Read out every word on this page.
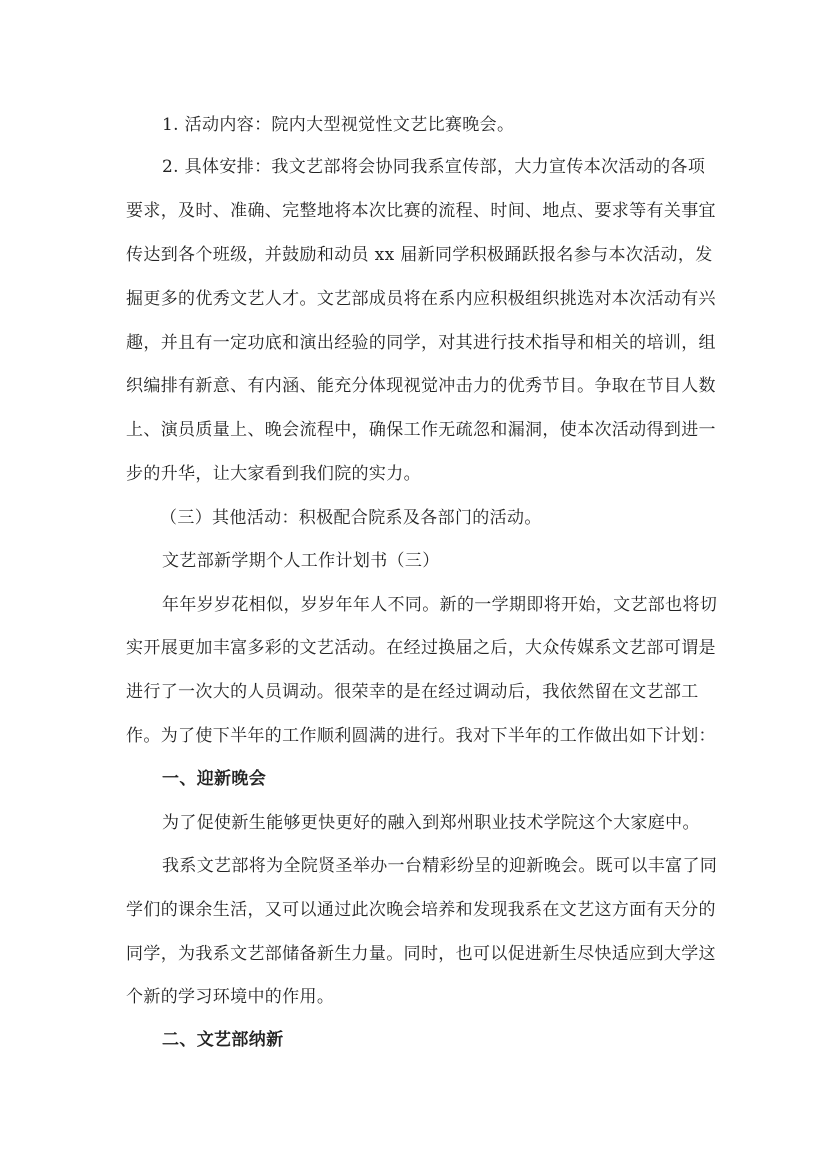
1. 活动内容：院内大型视觉性文艺比赛晚会。
2. 具体安排：我文艺部将会协同我系宣传部，大力宣传本次活动的各项
要求，及时、准确、完整地将本次比赛的流程、时间、地点、要求等有关事宜
传达到各个班级，并鼓励和动员 xx 届新同学积极踊跃报名参与本次活动，发
掘更多的优秀文艺人才。文艺部成员将在系内应积极组织挑选对本次活动有兴
趣，并且有一定功底和演出经验的同学，对其进行技术指导和相关的培训，组
织编排有新意、有内涵、能充分体现视觉冲击力的优秀节目。争取在节目人数
上、演员质量上、晚会流程中，确保工作无疏忽和漏洞，使本次活动得到进一
步的升华，让大家看到我们院的实力。
（三）其他活动：积极配合院系及各部门的活动。
文艺部新学期个人工作计划书（三）
年年岁岁花相似，岁岁年年人不同。新的一学期即将开始，文艺部也将切
实开展更加丰富多彩的文艺活动。在经过换届之后，大众传媒系文艺部可谓是
进行了一次大的人员调动。很荣幸的是在经过调动后，我依然留在文艺部工
作。为了使下半年的工作顺利圆满的进行。我对下半年的工作做出如下计划：
一、迎新晚会
为了促使新生能够更快更好的融入到郑州职业技术学院这个大家庭中。
我系文艺部将为全院贤圣举办一台精彩纷呈的迎新晚会。既可以丰富了同
学们的课余生活，又可以通过此次晚会培养和发现我系在文艺这方面有天分的
同学，为我系文艺部储备新生力量。同时，也可以促进新生尽快适应到大学这
个新的学习环境中的作用。
二、文艺部纳新
